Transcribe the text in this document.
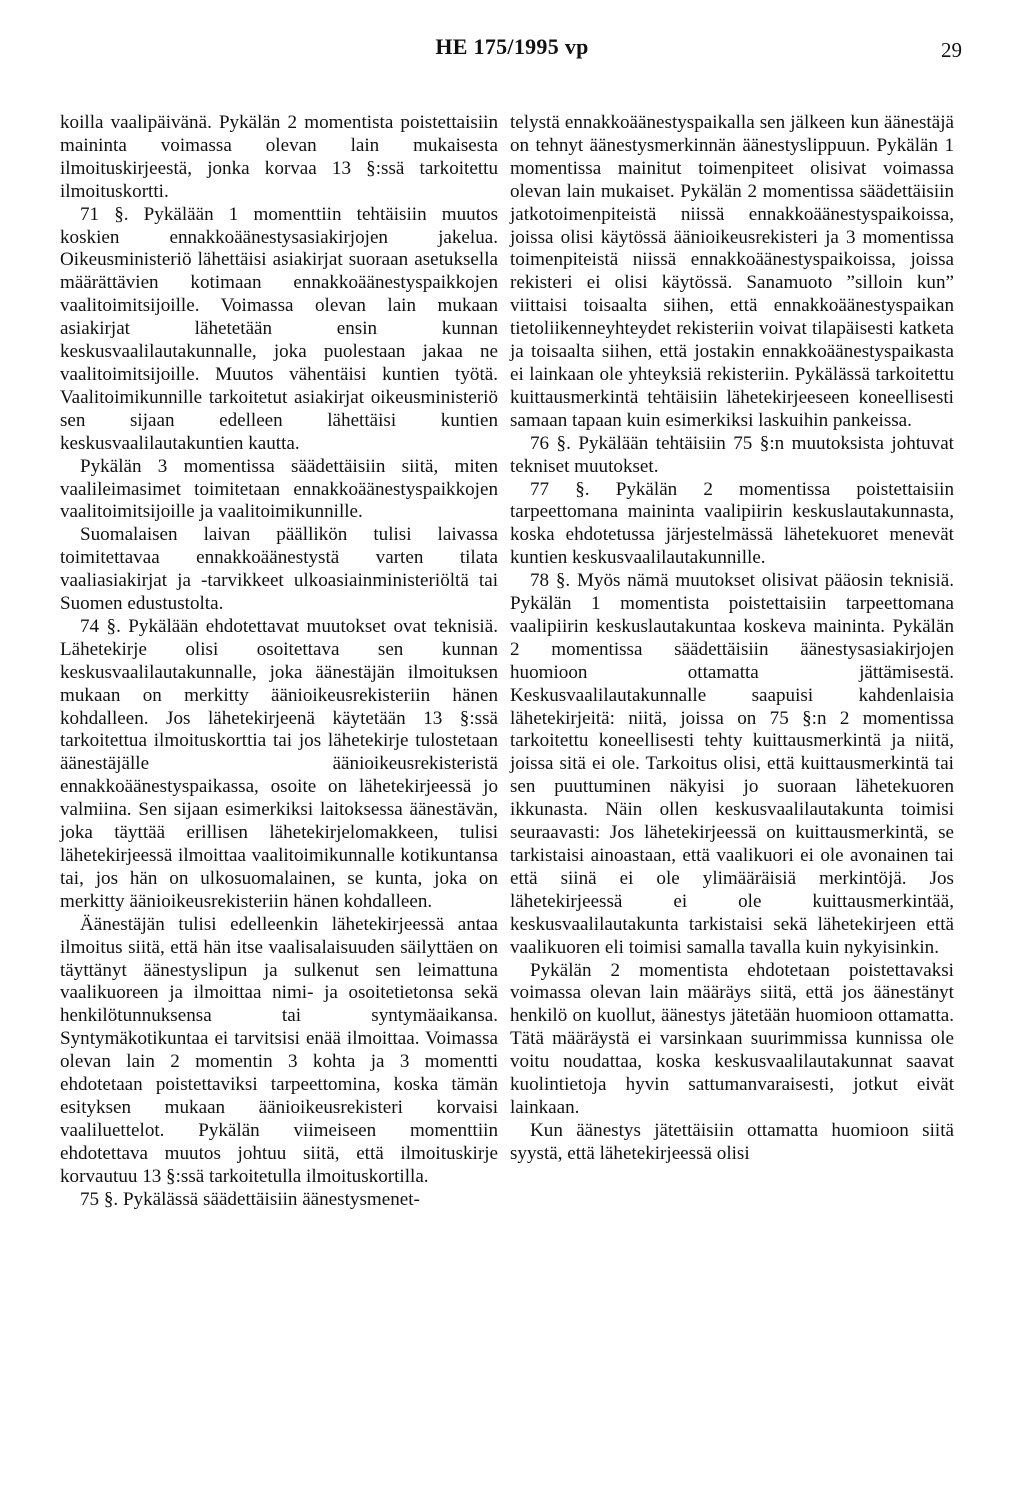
HE 175/1995 vp	29

koilla vaalipäivänä. Pykälän 2 momentista poistettaisiin maininta voimassa olevan lain mukaisesta ilmoituskirjeestä, jonka korvaa 13 §:ssä tarkoitettu ilmoituskortti.

71 §. Pykälään 1 momenttiin tehtäisiin muutos koskien ennakkoäänestysasiakirjojen jakelua. Oikeusministeriö lähettäisi asiakirjat suoraan asetuksella määrättävien kotimaan ennakkoäänestyspaikkojen vaalitoimitsijoille. Voimassa olevan lain mukaan asiakirjat lähetetään ensin kunnan keskusvaalilautakunnalle, joka puolestaan jakaa ne vaalitoimitsijoille. Muutos vähentäisi kuntien työtä. Vaalitoimikunnille tarkoitetut asiakirjat oikeusministeriö sen sijaan edelleen lähettäisi kuntien keskusvaalilautakuntien kautta.

Pykälän 3 momentissa säädettäisiin siitä, miten vaalileimasimet toimitetaan ennakkoäänestyspaikkojen vaalitoimitsijoille ja vaalitoimikunnille.

Suomalaisen laivan päällikön tulisi laivassa toimitettavaa ennakkoäänestystä varten tilata vaaliasiakirjat ja -tarvikkeet ulkoasiainministeriöltä tai Suomen edustustolta.

74 §. Pykälään ehdotettavat muutokset ovat teknisiä. Lähetekirje olisi osoitettava sen kunnan keskusvaalilautakunnalle, joka äänestäjän ilmoituksen mukaan on merkitty äänioikeusrekisteriin hänen kohdalleen. Jos lähetekirjeenä käytetään 13 §:ssä tarkoitettua ilmoituskorttia tai jos lähetekirje tulostetaan äänestäjälle äänioikeusrekisteristä ennakkoäänestyspaikassa, osoite on lähetekirjeessä jo valmiina. Sen sijaan esimerkiksi laitoksessa äänestävän, joka täyttää erillisen lähetekirjelomakkeen, tulisi lähetekirjeessä ilmoittaa vaalitoimikunnalle kotikuntansa tai, jos hän on ulkosuomalainen, se kunta, joka on merkitty äänioikeusrekisteriin hänen kohdalleen.

Äänestäjän tulisi edelleenkin lähetekirjeessä antaa ilmoitus siitä, että hän itse vaalisalaisuuden säilyttäen on täyttänyt äänestyslipun ja sulkenut sen leimattuna vaalikuoreen ja ilmoittaa nimi- ja osoitetietonsa sekä henkilötunnuksensa tai syntymäaikansa. Syntymäkotikuntaa ei tarvitsisi enää ilmoittaa. Voimassa olevan lain 2 momentin 3 kohta ja 3 momentti ehdotetaan poistettaviksi tarpeettomina, koska tämän esityksen mukaan äänioikeusrekisteri korvaisi vaaliluettelot. Pykälän viimeiseen momenttiin ehdotettava muutos johtuu siitä, että ilmoituskirje korvautuu 13 §:ssä tarkoitetulla ilmoituskortilla.

75 §. Pykälässä säädettäisiin äänestysmenet-

telystä ennakkoäänestyspaikalla sen jälkeen kun äänestäjä on tehnyt äänestysmerkinnän äänestyslippuun. Pykälän 1 momentissa mainitut toimenpiteet olisivat voimassa olevan lain mukaiset. Pykälän 2 momentissa säädettäisiin jatkotoimenpiteistä niissä ennakkoäänestyspaikoissa, joissa olisi käytössä äänioikeusrekisteri ja 3 momentissa toimenpiteistä niissä ennakkoäänestyspaikoissa, joissa rekisteri ei olisi käytössä. Sanamuoto ”silloin kun” viittaisi toisaalta siihen, että ennakkoäänestyspaikan tietoliikenneyhteydet rekisteriin voivat tilapäisesti katketa ja toisaalta siihen, että jostakin ennakkoäänestyspaikasta ei lainkaan ole yhteyksiä rekisteriin. Pykälässä tarkoitettu kuittausmerkintä tehtäisiin lähetekirjeeseen koneellisesti samaan tapaan kuin esimerkiksi laskuihin pankeissa.

76 §. Pykälään tehtäisiin 75 §:n muutoksista johtuvat tekniset muutokset.

77 §. Pykälän 2 momentissa poistettaisiin tarpeettomana maininta vaalipiirin keskuslautakunnasta, koska ehdotetussa järjestelmässä lähetekuoret menevät kuntien keskusvaalilautakunnille.

78 §. Myös nämä muutokset olisivat pääosin teknisiä. Pykälän 1 momentista poistettaisiin tarpeettomana vaalipiirin keskuslautakuntaa koskeva maininta. Pykälän 2 momentissa säädettäisiin äänestysasiakirjojen huomioon ottamatta jättämisestä. Keskusvaalilautakunnalle saapuisi kahdenlaisia lähetekirjeitä: niitä, joissa on 75 §:n 2 momentissa tarkoitettu koneellisesti tehty kuittausmerkintä ja niitä, joissa sitä ei ole. Tarkoitus olisi, että kuittausmerkintä tai sen puuttuminen näkyisi jo suoraan lähetekuoren ikkunasta. Näin ollen keskusvaalilautakunta toimisi seuraavasti: Jos lähetekirjeessä on kuittausmerkintä, se tarkistaisi ainoastaan, että vaalikuori ei ole avonainen tai että siinä ei ole ylimääräisiä merkintöjä. Jos lähetekirjeessä ei ole kuittausmerkintää, keskusvaalilautakunta tarkistaisi sekä lähetekirjeen että vaalikuoren eli toimisi samalla tavalla kuin nykyisinkin.

Pykälän 2 momentista ehdotetaan poistettavaksi voimassa olevan lain määräys siitä, että jos äänestänyt henkilö on kuollut, äänestys jätetään huomioon ottamatta. Tätä määräystä ei varsinkaan suurimmissa kunnissa ole voitu noudattaa, koska keskusvaalilautakunnat saavat kuolintietoja hyvin sattumanvaraisesti, jotkut eivät lainkaan.

Kun äänestys jätettäisiin ottamatta huomioon siitä syystä, että lähetekirjeessä olisi
